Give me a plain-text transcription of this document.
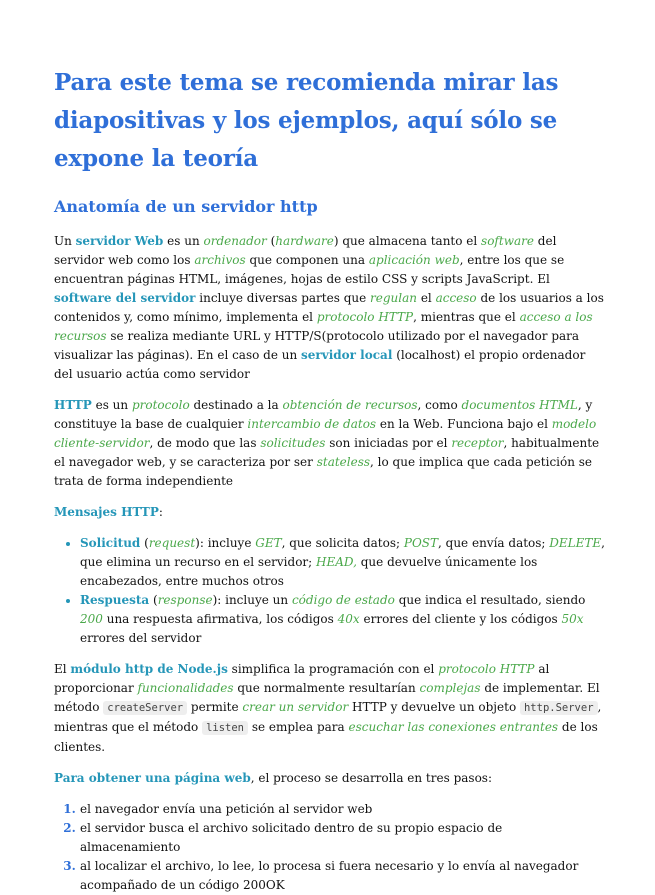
Para este tema se recomienda mirar las diapositivas y los ejemplos, aquí sólo se expone la teoría
Anatomía de un servidor http

Un servidor Web es un ordenador (hardware) que almacena tanto el software del servidor web como los archivos que componen una aplicación web, entre los que se encuentran páginas HTML, imágenes, hojas de estilo CSS y scripts JavaScript. El software del servidor incluye diversas partes que regulan el acceso de los usuarios a los contenidos y, como mínimo, implementa el protocolo HTTP, mientras que el acceso a los recursos se realiza mediante URL y HTTP/S(protocolo utilizado por el navegador para visualizar las páginas). En el caso de un servidor local (localhost) el propio ordenador del usuario actúa como servidor

HTTP es un protocolo destinado a la obtención de recursos, como documentos HTML, y constituye la base de cualquier intercambio de datos en la Web. Funciona bajo el modelo cliente-servidor, de modo que las solicitudes son iniciadas por el receptor, habitualmente el navegador web, y se caracteriza por ser stateless, lo que implica que cada petición se trata de forma independiente

Mensajes HTTP:

• Solicitud (request): incluye GET, que solicita datos; POST, que envía datos; DELETE, que elimina un recurso en el servidor; HEAD, que devuelve únicamente los encabezados, entre muchos otros
• Respuesta (response): incluye un código de estado que indica el resultado, siendo 200 una respuesta afirmativa, los códigos 40x errores del cliente y los códigos 50x errores del servidor

El módulo http de Node.js simplifica la programación con el protocolo HTTP al proporcionar funcionalidades que normalmente resultarían complejas de implementar. El método createServer permite crear un servidor HTTP y devuelve un objeto http.Server , mientras que el método listen se emplea para escuchar las conexiones entrantes de los clientes.

Para obtener una página web, el proceso se desarrolla en tres pasos:

1. el navegador envía una petición al servidor web
2. el servidor busca el archivo solicitado dentro de su propio espacio de almacenamiento
3. al localizar el archivo, lo lee, lo procesa si fuera necesario y lo envía al navegador acompañado de un código 200OK
